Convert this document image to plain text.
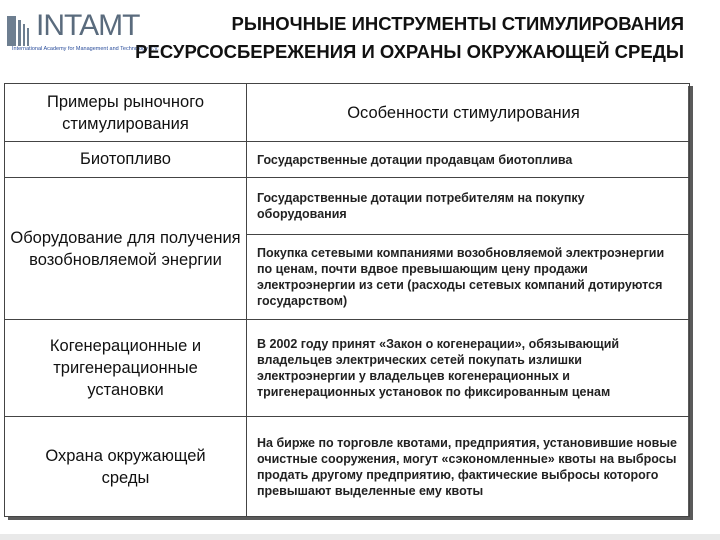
INTAMT
International Academy for Management and Technology e.V.
РЫНОЧНЫЕ ИНСТРУМЕНТЫ СТИМУЛИРОВАНИЯ
РЕСУРСОСБЕРЕЖЕНИЯ И ОХРАНЫ ОКРУЖАЮЩЕЙ СРЕДЫ
Примеры рыночного стимулирования
Особенности стимулирования
Биотопливо	Государственные дотации продавцам биотоплива
Оборудование для получения возобновляемой энергии
Государственные дотации потребителям на покупку оборудования
Покупка сетевыми компаниями возобновляемой электроэнергии по ценам, почти вдвое превышающим цену продажи электроэнергии из сети (расходы сетевых компаний дотируются государством)
Когенерационные и тригенерационные установки
В 2002 году принят «Закон о когенерации», обязывающий владельцев электрических сетей покупать излишки электроэнергии у владельцев когенерационных и тригенерационных установок по фиксированным ценам
Охрана окружающей среды
На бирже по торговле квотами, предприятия, установившие новые очистные сооружения, могут «сэкономленные» квоты на выбросы продать другому предприятию, фактические выбросы которого превышают выделенные ему квоты
